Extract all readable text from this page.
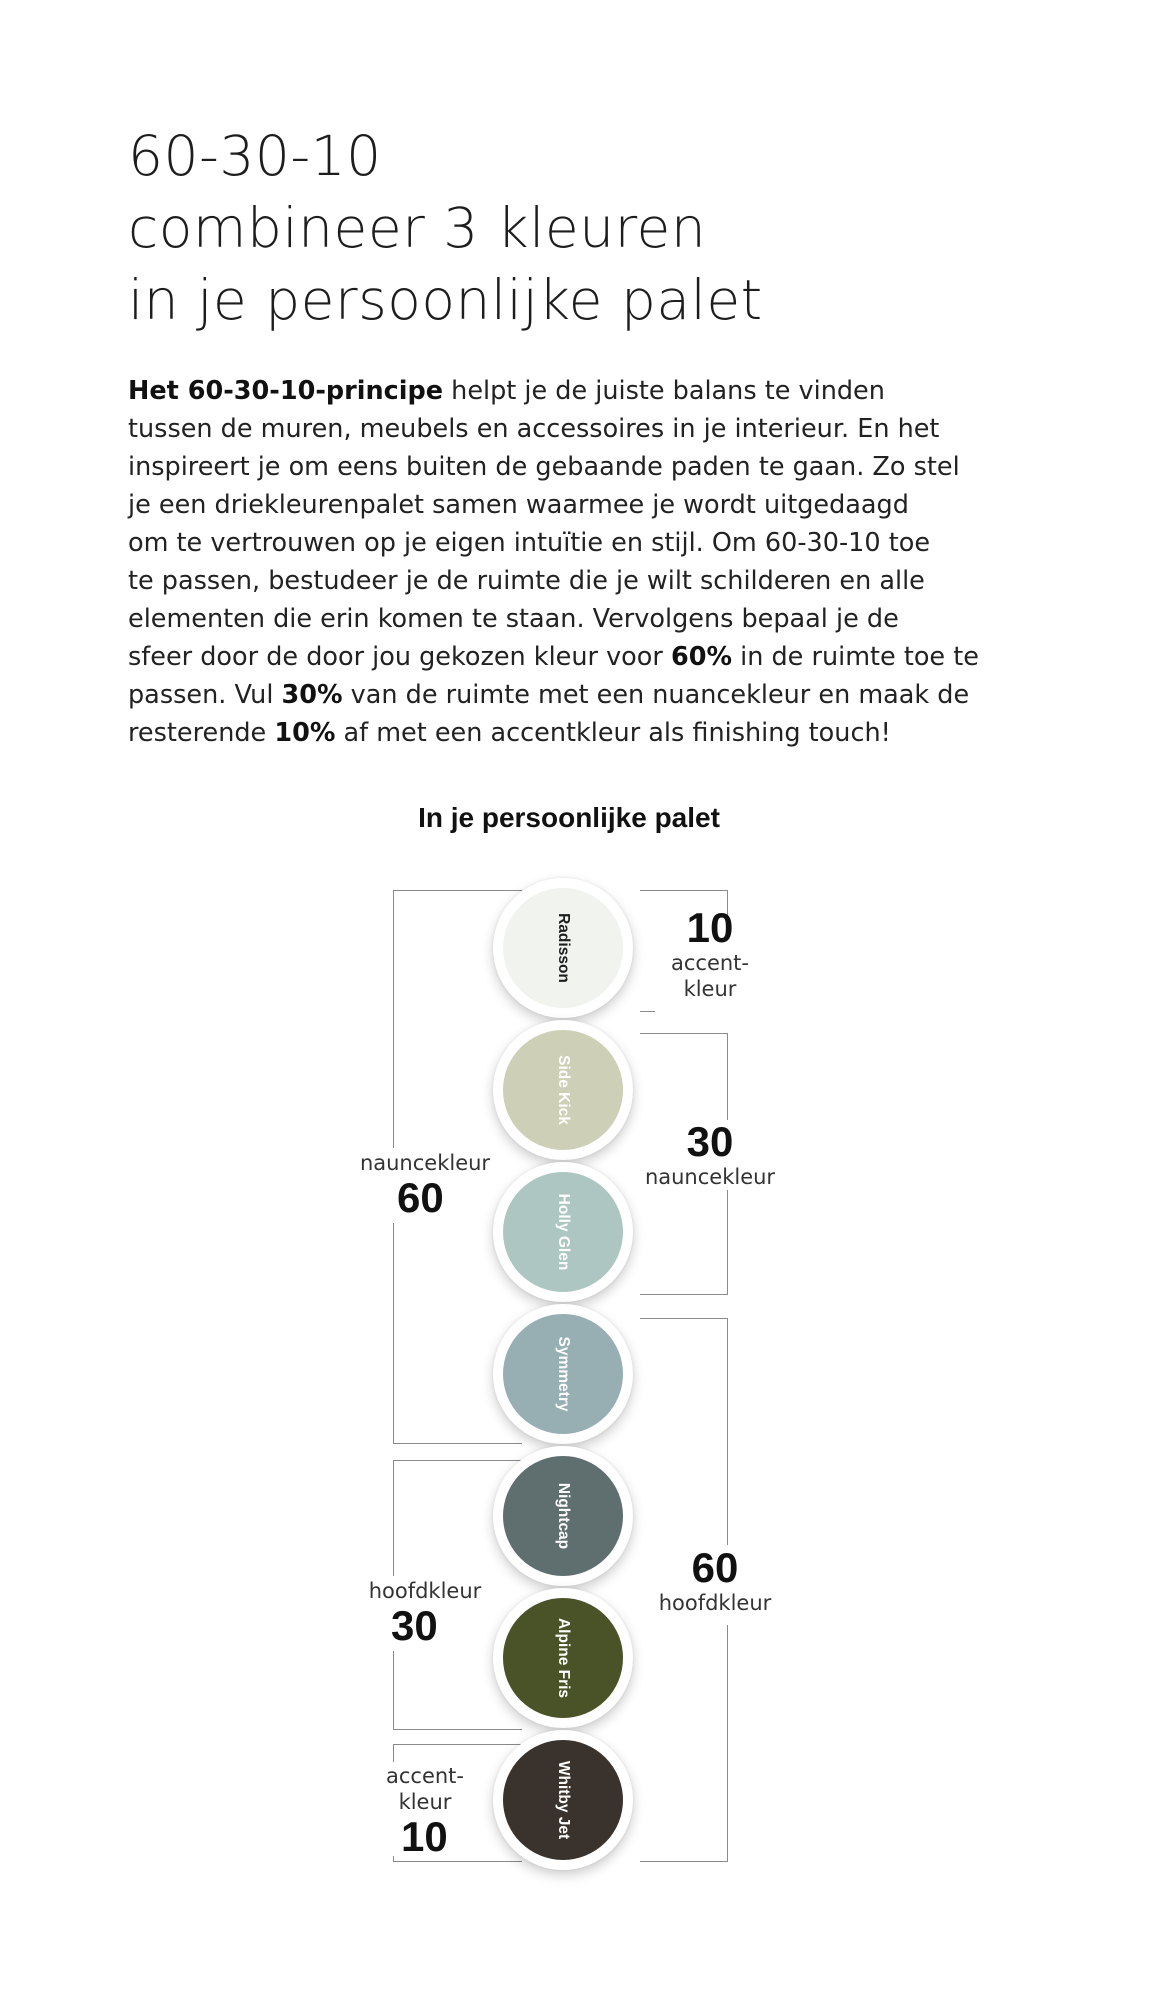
60-30-10
combineer 3 kleuren
in je persoonlijke palet
Het 60-30-10-principe helpt je de juiste balans te vinden
tussen de muren, meubels en accessoires in je interieur. En het
inspireert je om eens buiten de gebaande paden te gaan. Zo stel
je een driekleurenpalet samen waarmee je wordt uitgedaagd
om te vertrouwen op je eigen intuïtie en stijl. Om 60-30-10 toe
te passen, bestudeer je de ruimte die je wilt schilderen en alle
elementen die erin komen te staan. Vervolgens bepaal je de
sfeer door de door jou gekozen kleur voor 60% in de ruimte toe te
passen. Vul 30% van de ruimte met een nuancekleur en maak de
resterende 10% af met een accentkleur als finishing touch!
In je persoonlijke palet
Radisson
Side Kick
Holly Glen
Symmetry
Nightcap
Alpine Fris
Whitby Jet
10
accent-
kleur
30
nauncekleur
60
hoofdkleur
nauncekleur
60
hoofdkleur
30
accent-
kleur
10
